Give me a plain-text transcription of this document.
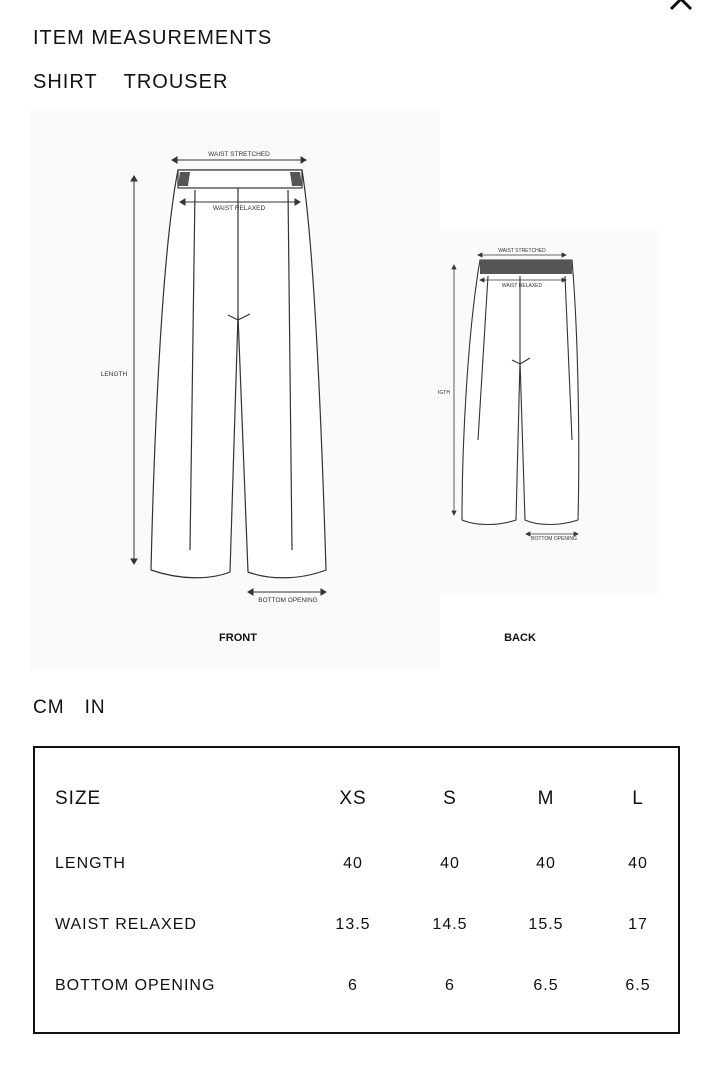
ITEM MEASUREMENTS
SHIRT TROUSER
WAIST STRETCHED
WAIST RELAXED
LENGTH
BOTTOM OPENING
FRONT
WAIST STRETCHED
WAIST RELAXED
IGTH
BOTTOM OPENING
BACK
CM IN
SIZE	XS	S	M	L
LENGTH	40	40	40	40
WAIST RELAXED	13.5	14.5	15.5	17
BOTTOM OPENING	6	6	6.5	6.5
